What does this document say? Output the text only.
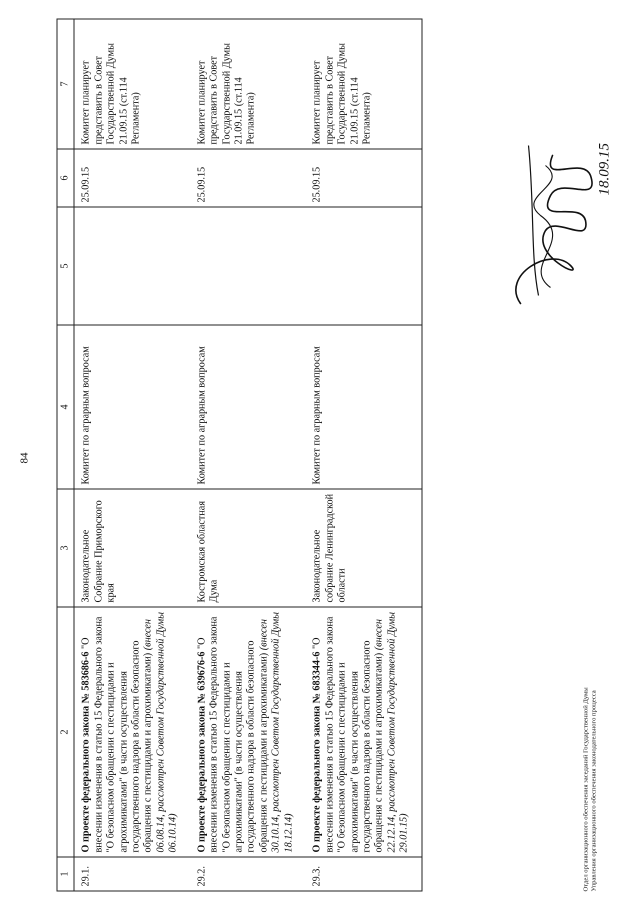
84
1	2	3	4	5	6	7
29.1.	О проекте федерального закона № 583686-6 "О внесении изменения в статью 15 Федерального закона "О безопасном обращении с пестицидами и агрохимикатами" (в части осуществления государственного надзора в области безопасного обращения с пестицидами и агрохимикатами) (внесен 06.08.14, рассмотрен Советом Государственной Думы 06.10.14)	Законодательное Собрание Приморского края	Комитет по аграрным вопросам		25.09.15	Комитет планирует представить в Совет Государственной Думы 21.09.15 (ст.114 Регламента)
29.2.	О проекте федерального закона № 639676-6 "О внесении изменения в статью 15 Федерального закона "О безопасном обращении с пестицидами и агрохимикатами" (в части осуществления государственного надзора в области безопасного обращения с пестицидами и агрохимикатами) (внесен 30.10.14, рассмотрен Советом Государственной Думы 18.12.14)	Костромская областная Дума	Комитет по аграрным вопросам		25.09.15	Комитет планирует представить в Совет Государственной Думы 21.09.15 (ст.114 Регламента)
29.3.	О проекте федерального закона № 683344-6 "О внесении изменения в статью 15 Федерального закона "О безопасном обращении с пестицидами и агрохимикатами" (в части осуществления государственного надзора в области безопасного обращения с пестицидами и агрохимикатами) (внесен 22.12.14, рассмотрен Советом Государственной Думы 29.01.15)	Законодательное собрание Ленинградской области	Комитет по аграрным вопросам		25.09.15	Комитет планирует представить в Совет Государственной Думы 21.09.15 (ст.114 Регламента)
18.09.15
Отдел организационного обеспечения заседаний Государственной Думы Управления организационного обеспечения законодательного процесса
